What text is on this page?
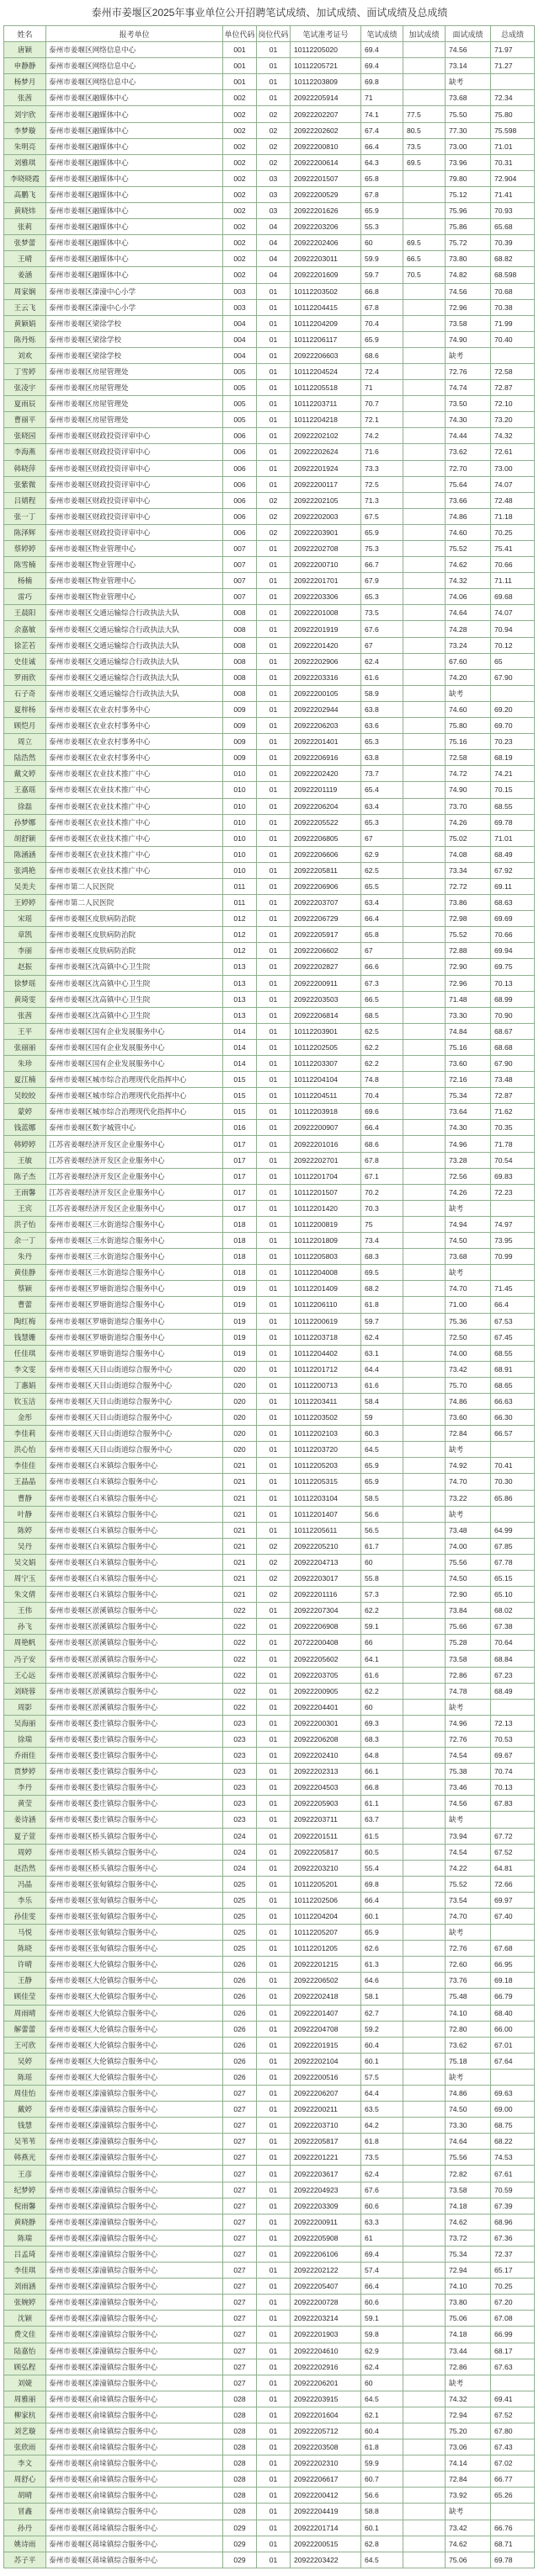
泰州市姜堰区2025年事业单位公开招聘笔试成绩、加试成绩、面试成绩及总成绩
姓名	报考单位	单位代码	岗位代码	笔试准考证号	笔试成绩	加试成绩	面试成绩	总成绩
唐颖	泰州市姜堰区网络信息中心	001	01	10112205020	69.4		74.56	71.97
申静静	泰州市姜堰区网络信息中心	001	01	10112205721	69.4		73.14	71.27
杨梦月	泰州市姜堰区网络信息中心	001	01	10112203809	69.8		缺考	
张茜	泰州市姜堰区融媒体中心	002	01	20922205914	71		73.68	72.34
刘宇欣	泰州市姜堰区融媒体中心	002	02	20922202207	74.1	77.5	75.50	75.80
李梦璇	泰州市姜堰区融媒体中心	002	02	20922202602	67.4	80.5	77.30	75.598
朱明亮	泰州市姜堰区融媒体中心	002	02	20922200810	66.4	73.5	73.00	71.01
刘雅琪	泰州市姜堰区融媒体中心	002	02	20922200614	64.3	69.5	73.96	70.31
李晓晓霞	泰州市姜堰区融媒体中心	002	03	20922201507	65.8		79.80	72.904
高鹏飞	泰州市姜堰区融媒体中心	002	03	20922200529	67.8		75.12	71.41
黄晓炜	泰州市姜堰区融媒体中心	002	03	20922201626	65.9		75.96	70.93
张莉	泰州市姜堰区融媒体中心	002	04	20922203206	55.3		75.86	65.68
张梦蕾	泰州市姜堰区融媒体中心	002	04	20922202406	60	69.5	75.72	70.39
王晴	泰州市姜堰区融媒体中心	002	04	20922203011	59.9	66.5	73.80	68.82
姜涵	泰州市姜堰区融媒体中心	002	04	20922201609	59.7	70.5	74.82	68.598
周家娴	泰州市姜堰区溱潼中心小学	003	01	10112203502	66.8		74.56	70.68
王云飞	泰州市姜堰区溱潼中心小学	003	01	10112204415	67.8		72.96	70.38
黄颖娟	泰州市姜堰区梁徐学校	004	01	10112204209	70.4		73.58	71.99
陈丹烁	泰州市姜堰区梁徐学校	004	01	10112206117	65.9		74.90	70.40
刘欢	泰州市姜堰区梁徐学校	004	01	20922206603	68.6		缺考	
丁雪婷	泰州市姜堰区房屋管理处	005	01	10112204524	72.4		72.76	72.58
张凌宇	泰州市姜堰区房屋管理处	005	01	10112205518	71		74.74	72.87
夏雨辰	泰州市姜堰区房屋管理处	005	01	10112203711	70.7		73.50	72.10
曹丽平	泰州市姜堰区房屋管理处	005	01	10112204218	72.1		74.30	73.20
张晓园	泰州市姜堰区财政投资评审中心	006	01	20922202102	74.2		74.44	74.32
李海燕	泰州市姜堰区财政投资评审中心	006	01	20922202624	71.6		73.62	72.61
韩晓萍	泰州市姜堰区财政投资评审中心	006	01	20922201924	73.3		72.70	73.00
张紫微	泰州市姜堰区财政投资评审中心	006	01	20922200117	72.5		75.64	74.07
吕婧程	泰州市姜堰区财政投资评审中心	006	02	20922202105	71.3		73.66	72.48
张一丁	泰州市姜堰区财政投资评审中心	006	02	20922202003	67.5		74.86	71.18
陈泽辉	泰州市姜堰区财政投资评审中心	006	02	20922203901	65.9		74.60	70.25
蔡婷婷	泰州市姜堰区物业管理中心	007	01	20922202708	75.3		75.52	75.41
陈雪楠	泰州市姜堰区物业管理中心	007	01	20922200710	66.7		74.62	70.66
杨楠	泰州市姜堰区物业管理中心	007	01	20922201701	67.9		74.32	71.11
雷巧	泰州市姜堰区物业管理中心	007	01	20922203306	65.3		74.06	69.68
王晨阳	泰州市姜堰区交通运输综合行政执法大队	008	01	20922201008	73.5		74.64	74.07
余嘉敏	泰州市姜堰区交通运输综合行政执法大队	008	01	20922201919	67.6		74.28	70.94
徐芷若	泰州市姜堰区交通运输综合行政执法大队	008	01	20922201420	67		73.24	70.12
史佳诚	泰州市姜堰区交通运输综合行政执法大队	008	01	20922202906	62.4		67.60	65
罗雨欣	泰州市姜堰区交通运输综合行政执法大队	008	01	20922203316	61.6		74.20	67.90
石子奇	泰州市姜堰区交通运输综合行政执法大队	008	01	20922200105	58.9		缺考	
夏梓杨	泰州市姜堰区农业农村事务中心	009	01	20922202944	63.8		74.60	69.20
顾恺月	泰州市姜堰区农业农村事务中心	009	01	20922206203	63.6		75.80	69.70
周立	泰州市姜堰区农业农村事务中心	009	01	20922201401	65.3		75.16	70.23
陆浩然	泰州市姜堰区农业农村事务中心	009	01	20922206916	63.8		72.58	68.19
戴文婷	泰州市姜堰区农业技术推广中心	010	01	20922202420	73.7		74.72	74.21
王嘉瑶	泰州市姜堰区农业技术推广中心	010	01	20922201119	65.4		74.90	70.15
徐磊	泰州市姜堰区农业技术推广中心	010	01	20922206204	63.4		73.70	68.55
孙梦娜	泰州市姜堰区农业技术推广中心	010	01	20922205522	65.3		74.26	69.78
胡舒颖	泰州市姜堰区农业技术推广中心	010	01	20922206805	67		75.02	71.01
陈涵涵	泰州市姜堰区农业技术推广中心	010	01	20922206606	62.9		74.08	68.49
张鸿艳	泰州市姜堰区农业技术推广中心	010	01	20922205811	62.5		73.34	67.92
吴美夫	泰州市第二人民医院	011	01	20922206906	65.5		72.72	69.11
王婷婷	泰州市第二人民医院	011	01	20922203707	63.4		73.86	68.63
宋瑶	泰州市姜堰区皮肤病防治院	012	01	20922206729	66.4		72.98	69.69
章凯	泰州市姜堰区皮肤病防治院	012	01	20922205917	65.8		75.52	70.66
李丽	泰州市姜堰区皮肤病防治院	012	01	20922206602	67		72.88	69.94
赵振	泰州市姜堰区沈高镇中心卫生院	013	01	20922202827	66.6		72.90	69.75
徐梦瑶	泰州市姜堰区沈高镇中心卫生院	013	01	20922200911	67.3		72.96	70.13
黄琦雯	泰州市姜堰区沈高镇中心卫生院	013	01	20922203503	66.5		71.48	68.99
张茜	泰州市姜堰区沈高镇中心卫生院	013	01	20922206814	68.5		73.30	70.90
王平	泰州市姜堰区国有企业发展服务中心	014	01	10112203901	62.5		74.84	68.67
张丽丽	泰州市姜堰区国有企业发展服务中心	014	01	10112202505	62.2		75.16	68.68
朱珍	泰州市姜堰区国有企业发展服务中心	014	01	10112203307	62.2		73.60	67.90
夏江楠	泰州市姜堰区城市综合治理现代化指挥中心	015	01	10112204104	74.8		72.16	73.48
吴皎皎	泰州市姜堰区城市综合治理现代化指挥中心	015	01	10112204511	70.4		75.34	72.87
蒙婷	泰州市姜堰区城市综合治理现代化指挥中心	015	01	10112203918	69.6		73.64	71.62
钱蓝娜	泰州市姜堰区数字城管中心	016	01	20922200907	66.4		74.30	70.35
韩婷婷	江苏省姜堰经济开发区企业服务中心	017	01	20922201016	68.6		74.96	71.78
王敏	江苏省姜堰经济开发区企业服务中心	017	01	20922202701	67.8		73.28	70.54
陈子杰	江苏省姜堰经济开发区企业服务中心	017	01	10112201704	67.1		72.56	69.83
王雨馨	江苏省姜堰经济开发区企业服务中心	017	01	10112201507	70.2		74.26	72.23
王宾	江苏省姜堰经济开发区企业服务中心	017	01	10112201420	70.3		缺考	
洪子怡	泰州市姜堰区三水街道综合服务中心	018	01	10112200819	75		74.94	74.97
余一丁	泰州市姜堰区三水街道综合服务中心	018	01	10112201809	73.4		74.50	73.95
朱丹	泰州市姜堰区三水街道综合服务中心	018	01	10112205803	68.3		73.68	70.99
黄佳静	泰州市姜堰区三水街道综合服务中心	018	01	10112204008	69.5		缺考	
蔡颖	泰州市姜堰区罗塘街道综合服务中心	019	01	10112201409	68.2		74.70	71.45
曹蕾	泰州市姜堰区罗塘街道综合服务中心	019	01	10112206110	61.8		71.00	66.4
陶红梅	泰州市姜堰区罗塘街道综合服务中心	019	01	10112200619	59.7		75.36	67.53
钱慧姗	泰州市姜堰区罗塘街道综合服务中心	019	01	10112203718	62.4		72.50	67.45
任佳琪	泰州市姜堰区罗塘街道综合服务中心	019	01	10112204402	63.1		74.00	68.55
李文雯	泰州市姜堰区天目山街道综合服务中心	020	01	10112201712	64.4		73.42	68.91
丁惠娟	泰州市姜堰区天目山街道综合服务中心	020	01	10112200713	61.6		75.70	68.65
钦玉洁	泰州市姜堰区天目山街道综合服务中心	020	01	10112203411	58.4		74.86	66.63
金彤	泰州市姜堰区天目山街道综合服务中心	020	01	10112203502	59		73.60	66.30
李佳莉	泰州市姜堰区天目山街道综合服务中心	020	01	10112202103	60.3		72.84	66.57
洪心怡	泰州市姜堰区天目山街道综合服务中心	020	01	10112203720	64.5		缺考	
李佳佳	泰州市姜堰区白米镇综合服务中心	021	01	10112205203	65.9		74.92	70.41
王晶晶	泰州市姜堰区白米镇综合服务中心	021	01	10112205315	65.9		74.70	70.30
曹静	泰州市姜堰区白米镇综合服务中心	021	01	10112203104	58.5		73.22	65.86
叶静	泰州市姜堰区白米镇综合服务中心	021	01	10112201407	56.6		缺考	
陈婷	泰州市姜堰区白米镇综合服务中心	021	01	10112205611	56.5		73.48	64.99
吴丹	泰州市姜堰区白米镇综合服务中心	021	02	20922205210	61.7		74.00	67.85
吴文娟	泰州市姜堰区白米镇综合服务中心	021	02	20922204713	60		75.56	67.78
周宁玉	泰州市姜堰区白米镇综合服务中心	021	02	20922203017	55.8		74.50	65.15
朱文倩	泰州市姜堰区白米镇综合服务中心	021	02	20922201116	57.3		72.90	65.10
王伟	泰州市姜堰区淤溪镇综合服务中心	022	01	20922207304	62.2		73.84	68.02
孙飞	泰州市姜堰区淤溪镇综合服务中心	022	01	20922206908	59.1		75.66	67.38
周艳帆	泰州市姜堰区淤溪镇综合服务中心	022	01	20722200408	66		75.28	70.64
冯子安	泰州市姜堰区淤溪镇综合服务中心	022	01	20922205602	64.1		73.58	68.84
王心远	泰州市姜堰区淤溪镇综合服务中心	022	01	20922203705	61.6		72.86	67.23
刘晓蓉	泰州市姜堰区淤溪镇综合服务中心	022	01	20922200905	62.2		74.78	68.49
周影	泰州市姜堰区淤溪镇综合服务中心	022	01	20922204401	60		缺考	
吴海丽	泰州市姜堰区娄庄镇综合服务中心	023	01	20922200301	69.3		74.96	72.13
徐瑞	泰州市姜堰区娄庄镇综合服务中心	023	01	20922206208	68.3		72.76	70.53
乔雨佳	泰州市姜堰区娄庄镇综合服务中心	023	01	20922202410	64.8		74.54	69.67
贾梦婷	泰州市姜堰区娄庄镇综合服务中心	023	01	20922202313	66.1		75.38	70.74
李丹	泰州市姜堰区娄庄镇综合服务中心	023	01	20922204503	66.8		73.46	70.13
黄莹	泰州市姜堰区娄庄镇综合服务中心	023	01	20922205903	61.1		74.56	67.83
姜诗涵	泰州市姜堰区娄庄镇综合服务中心	023	01	20922203711	63.7		缺考	
夏子萱	泰州市姜堰区桥头镇综合服务中心	024	01	20922201511	61.5		73.94	67.72
周婷	泰州市姜堰区桥头镇综合服务中心	024	01	20922205817	60.5		74.54	67.52
赵浩然	泰州市姜堰区桥头镇综合服务中心	024	01	20922203210	55.4		74.22	64.81
冯晶	泰州市姜堰区张甸镇综合服务中心	025	01	10112205201	69.8		75.52	72.66
李乐	泰州市姜堰区张甸镇综合服务中心	025	01	10112202506	66.4		73.54	69.97
孙佳雯	泰州市姜堰区张甸镇综合服务中心	025	01	10112204204	60.1		74.70	67.40
马悦	泰州市姜堰区张甸镇综合服务中心	025	01	10112205207	65.9		缺考	
陈晓	泰州市姜堰区张甸镇综合服务中心	025	01	10112201205	62.6		72.76	67.68
许晴	泰州市姜堰区大伦镇综合服务中心	026	01	20922201215	61.3		72.60	66.95
王静	泰州市姜堰区大伦镇综合服务中心	026	01	20922206502	64.6		73.76	69.18
顾佳莹	泰州市姜堰区大伦镇综合服务中心	026	01	20922202418	58.1		75.48	66.79
周雨晴	泰州市姜堰区大伦镇综合服务中心	026	01	20922201407	62.7		74.10	68.40
解蕾蕾	泰州市姜堰区大伦镇综合服务中心	026	01	20922204708	59.2		72.80	66.00
王可欣	泰州市姜堰区大伦镇综合服务中心	026	01	20922201915	60.4		73.62	67.01
吴婷	泰州市姜堰区大伦镇综合服务中心	026	01	20922202104	60.1		75.18	67.64
陈瑶	泰州市姜堰区大伦镇综合服务中心	026	01	20922200516	57.5		缺考	
周佳怡	泰州市姜堰区溱潼镇综合服务中心	027	01	20922206207	64.4		74.86	69.63
戴婷	泰州市姜堰区溱潼镇综合服务中心	027	01	20922200211	63.5		74.50	69.00
钱慧	泰州市姜堰区溱潼镇综合服务中心	027	01	20922203710	64.2		73.30	68.75
吴苇苇	泰州市姜堰区溱潼镇综合服务中心	027	01	20922205817	61.8		74.64	68.22
韩燕光	泰州市姜堰区溱潼镇综合服务中心	027	01	20922201221	73.5		75.56	74.53
王彦	泰州市姜堰区溱潼镇综合服务中心	027	01	20922203617	62.4		72.82	67.61
纪梦婷	泰州市姜堰区溱潼镇综合服务中心	027	01	20922204923	67.6		73.58	70.59
倪雨馨	泰州市姜堰区溱潼镇综合服务中心	027	01	20922203309	60.6		74.18	67.39
黄晓静	泰州市姜堰区溱潼镇综合服务中心	027	01	20922200911	63.3		74.62	68.96
陈瑞	泰州市姜堰区溱潼镇综合服务中心	027	01	20922205908	61		73.72	67.36
吕孟琦	泰州市姜堰区溱潼镇综合服务中心	027	01	20922206106	69.4		75.34	72.37
李佳琪	泰州市姜堰区溱潼镇综合服务中心	027	01	20922202122	57.4		72.94	65.17
刘雨涵	泰州市姜堰区溱潼镇综合服务中心	027	01	20922205407	66.4		74.10	70.25
张婉婷	泰州市姜堰区溱潼镇综合服务中心	027	01	20922200728	60.6		73.80	67.20
沈颖	泰州市姜堰区溱潼镇综合服务中心	027	01	20922203214	59.1		75.06	67.08
费文佳	泰州市姜堰区溱潼镇综合服务中心	027	01	20922201903	59.8		74.18	66.99
陆嘉怡	泰州市姜堰区溱潼镇综合服务中心	027	01	20922204610	62.9		73.44	68.17
顾弘程	泰州市姜堰区溱潼镇综合服务中心	027	01	20922202916	62.4		72.86	67.63
刘婕	泰州市姜堰区溱潼镇综合服务中心	027	01	20922206201	60		缺考	
周雅丽	泰州市姜堰区俞垛镇综合服务中心	028	01	20922203915	64.5		74.32	69.41
柳家杭	泰州市姜堰区俞垛镇综合服务中心	028	01	20922201604	62.1		72.94	67.52
刘艺璇	泰州市姜堰区俞垛镇综合服务中心	028	01	20922205712	60.4		75.20	67.80
张欣雨	泰州市姜堰区俞垛镇综合服务中心	028	01	20922203508	61.8		73.06	67.43
李文	泰州市姜堰区俞垛镇综合服务中心	028	01	20922202310	59.9		74.14	67.02
周舒心	泰州市姜堰区俞垛镇综合服务中心	028	01	20922206617	60.7		72.84	66.77
胡晴	泰州市姜堰区俞垛镇综合服务中心	028	01	20922200412	56.6		73.92	65.26
冒鑫	泰州市姜堰区俞垛镇综合服务中心	028	01	20922204419	58.8		缺考	
孙丹	泰州市姜堰区蒋垛镇综合服务中心	029	01	20922201714	60.1		73.42	66.76
姚诗雨	泰州市姜堰区蒋垛镇综合服务中心	029	01	20922200515	62.8		74.62	68.71
苏子平	泰州市姜堰区蒋垛镇综合服务中心	029	01	20922203422	64.5		75.06	69.78
